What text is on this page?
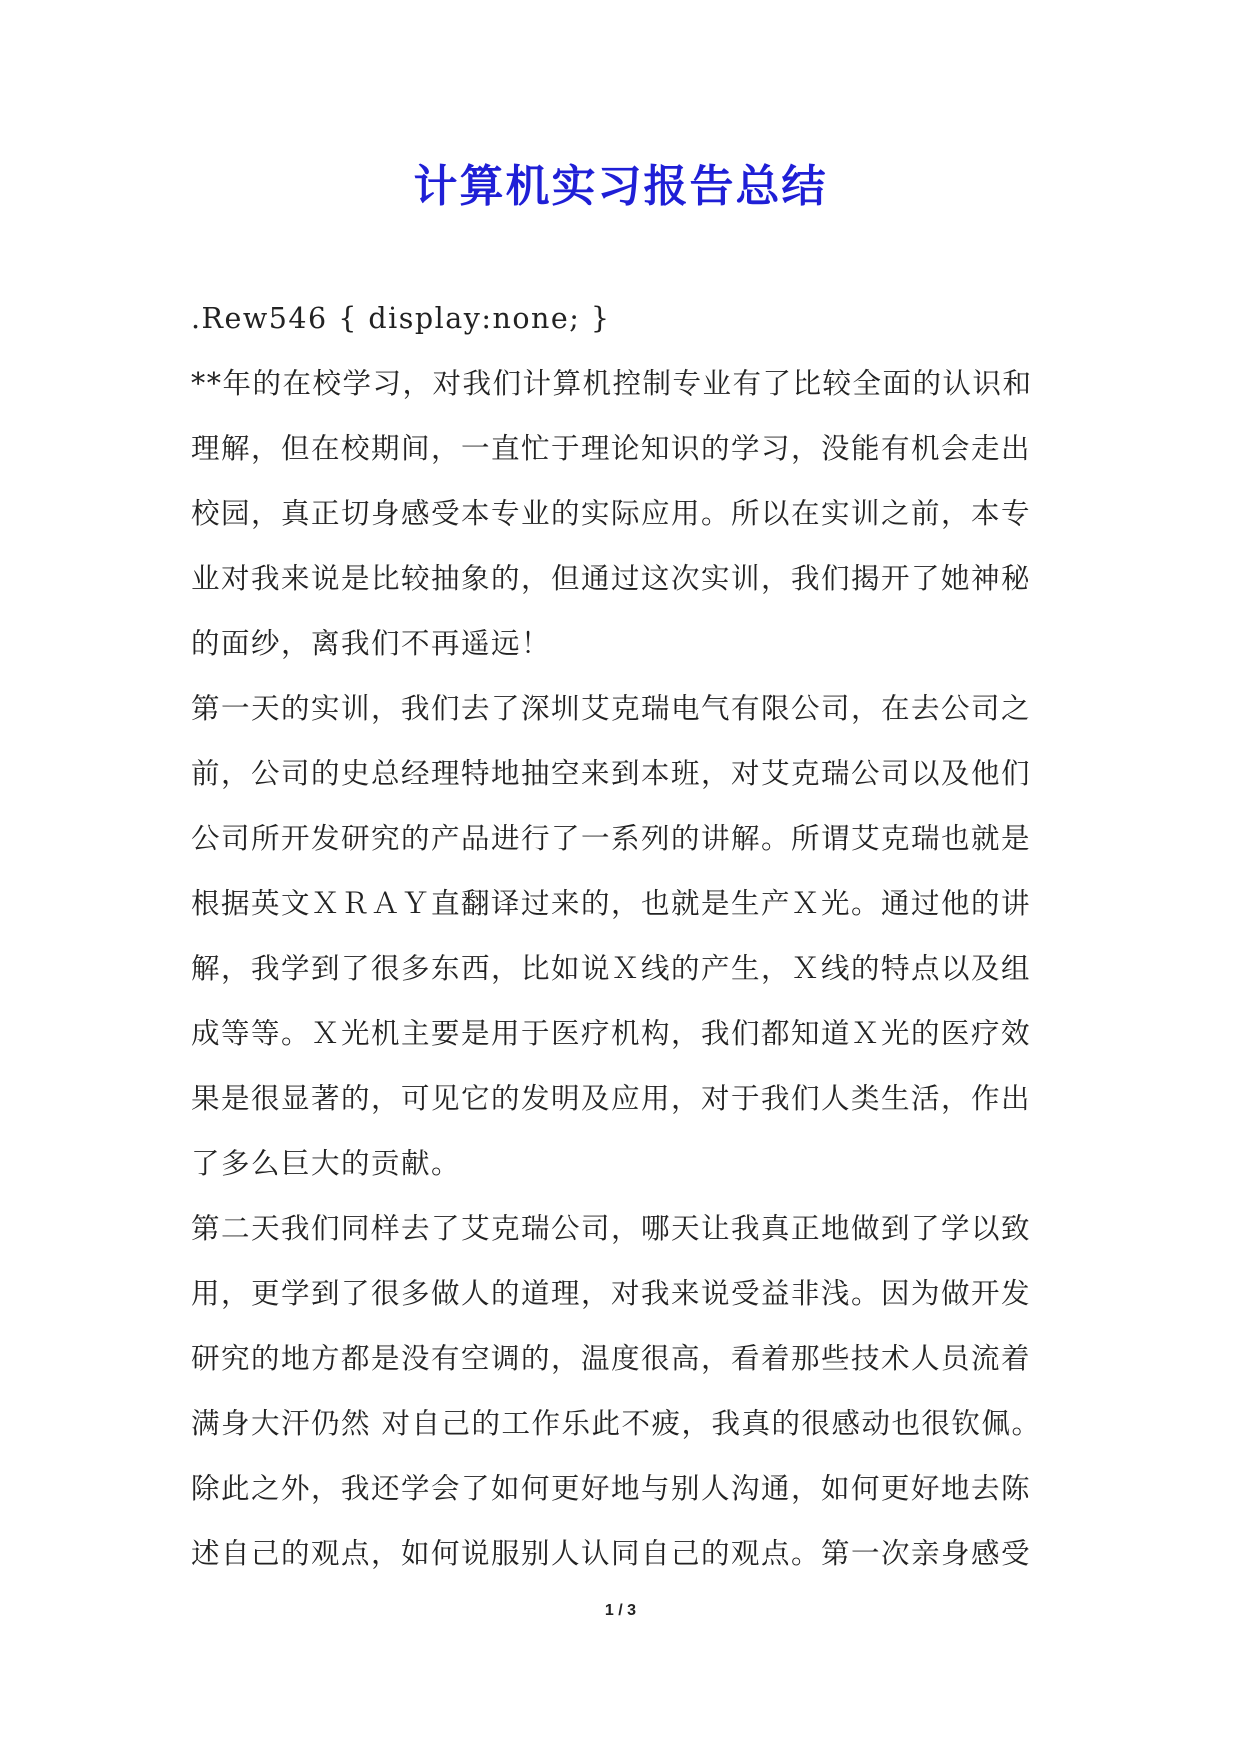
计算机实习报告总结
.Rew546 { display:none; }
**年的在校学习，对我们计算机控制专业有了比较全面的认识和
理解，但在校期间，一直忙于理论知识的学习，没能有机会走出
校园，真正切身感受本专业的实际应用。所以在实训之前，本专
业对我来说是比较抽象的，但通过这次实训，我们揭开了她神秘
的面纱，离我们不再遥远！
第一天的实训，我们去了深圳艾克瑞电气有限公司，在去公司之
前，公司的史总经理特地抽空来到本班，对艾克瑞公司以及他们
公司所开发研究的产品进行了一系列的讲解。所谓艾克瑞也就是
根据英文ＸＲＡＹ直翻译过来的，也就是生产Ｘ光。通过他的讲
解，我学到了很多东西，比如说Ｘ线的产生，Ｘ线的特点以及组
成等等。Ｘ光机主要是用于医疗机构，我们都知道Ｘ光的医疗效
果是很显著的，可见它的发明及应用，对于我们人类生活，作出
了多么巨大的贡献。
第二天我们同样去了艾克瑞公司，哪天让我真正地做到了学以致
用，更学到了很多做人的道理，对我来说受益非浅。因为做开发
研究的地方都是没有空调的，温度很高，看着那些技术人员流着
满身大汗仍然 对自己的工作乐此不疲，我真的很感动也很钦佩。
除此之外，我还学会了如何更好地与别人沟通，如何更好地去陈
述自己的观点，如何说服别人认同自己的观点。第一次亲身感受
1 / 3
